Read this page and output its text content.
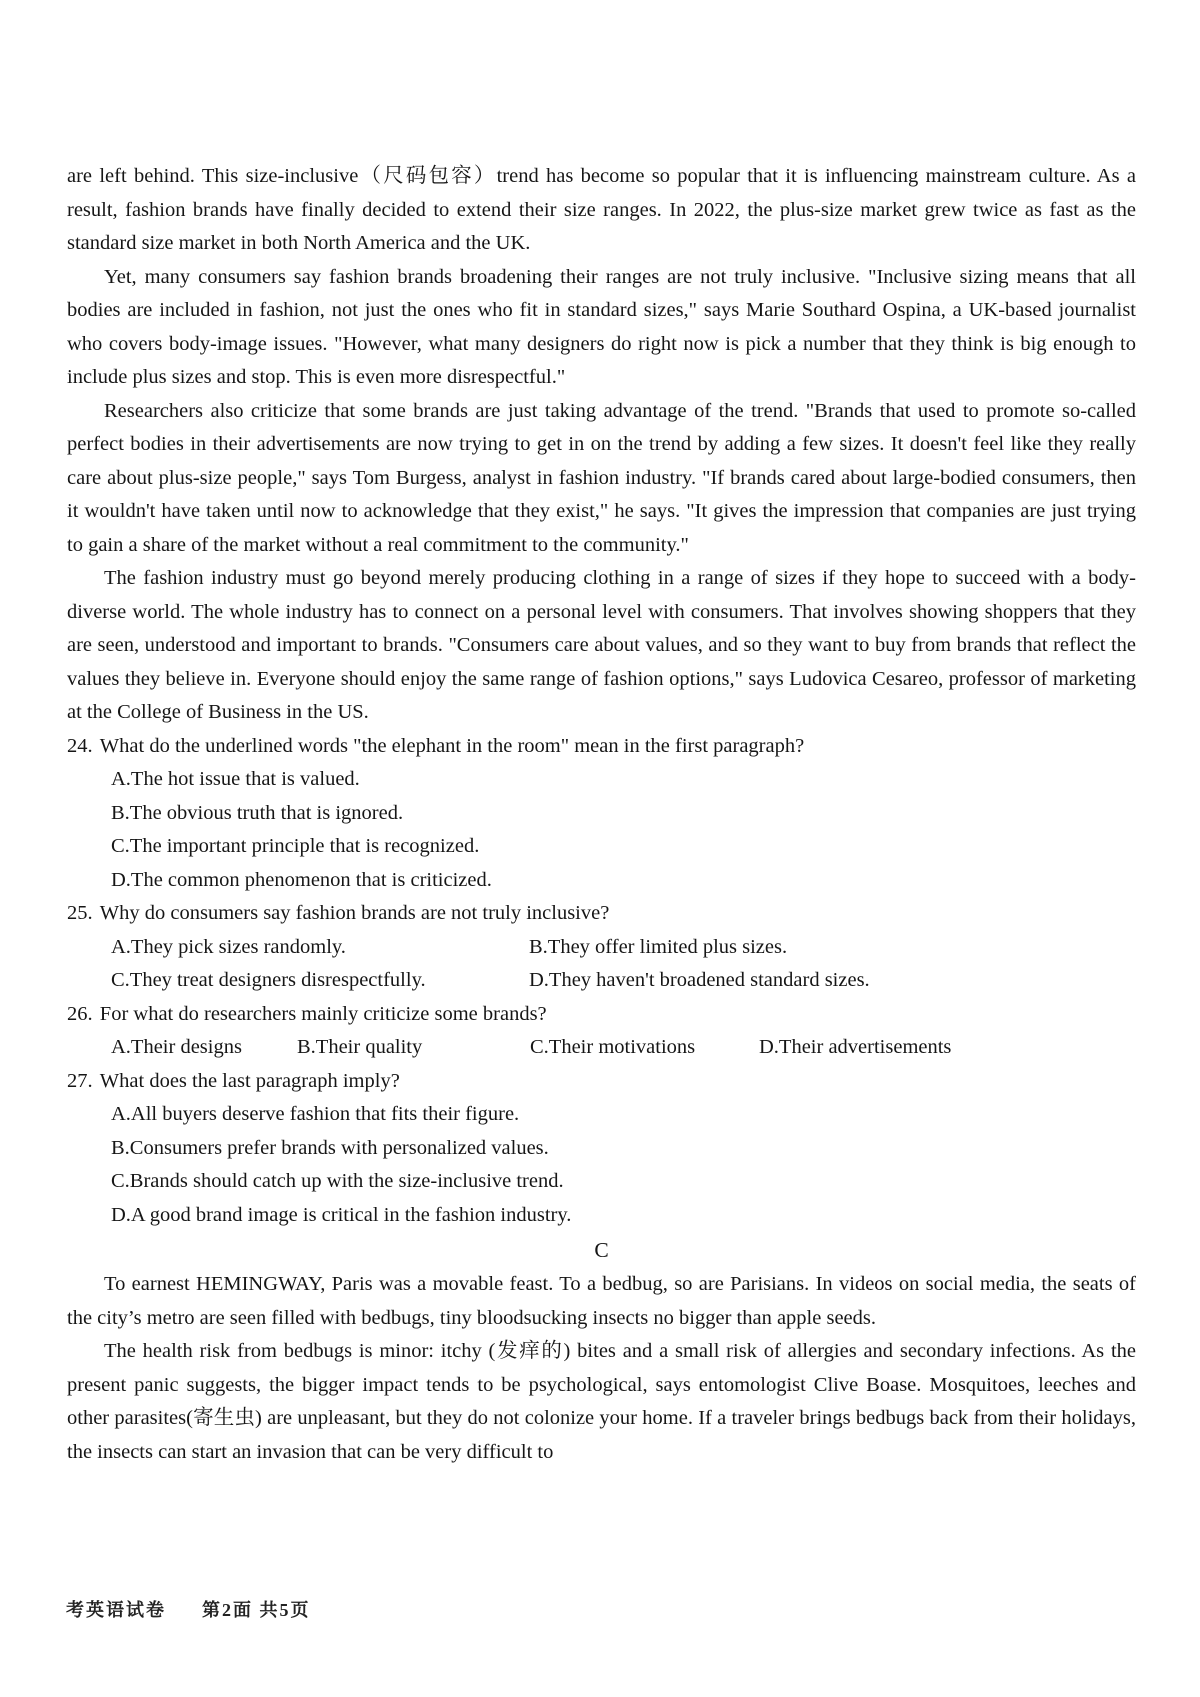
are left behind. This size-inclusive（尺码包容）trend has become so popular that it is influencing mainstream culture. As a result, fashion brands have finally decided to extend their size ranges. In 2022, the plus-size market grew twice as fast as the standard size market in both North America and the UK.

Yet, many consumers say fashion brands broadening their ranges are not truly inclusive. "Inclusive sizing means that all bodies are included in fashion, not just the ones who fit in standard sizes," says Marie Southard Ospina, a UK-based journalist who covers body-image issues. "However, what many designers do right now is pick a number that they think is big enough to include plus sizes and stop. This is even more disrespectful."

Researchers also criticize that some brands are just taking advantage of the trend. "Brands that used to promote so-called perfect bodies in their advertisements are now trying to get in on the trend by adding a few sizes. It doesn't feel like they really care about plus-size people," says Tom Burgess, analyst in fashion industry. "If brands cared about large-bodied consumers, then it wouldn't have taken until now to acknowledge that they exist," he says. "It gives the impression that companies are just trying to gain a share of the market without a real commitment to the community."

The fashion industry must go beyond merely producing clothing in a range of sizes if they hope to succeed with a body-diverse world. The whole industry has to connect on a personal level with consumers. That involves showing shoppers that they are seen, understood and important to brands. "Consumers care about values, and so they want to buy from brands that reflect the values they believe in. Everyone should enjoy the same range of fashion options," says Ludovica Cesareo, professor of marketing at the College of Business in the US.

24. What do the underlined words "the elephant in the room" mean in the first paragraph?
A.The hot issue that is valued.
B.The obvious truth that is ignored.
C.The important principle that is recognized.
D.The common phenomenon that is criticized.
25. Why do consumers say fashion brands are not truly inclusive?
A.They pick sizes randomly.	B.They offer limited plus sizes.
C.They treat designers disrespectfully.	D.They haven't broadened standard sizes.
26. For what do researchers mainly criticize some brands?
A.Their designs	B.Their quality	C.Their motivations	D.Their advertisements
27. What does the last paragraph imply?
A.All buyers deserve fashion that fits their figure.
B.Consumers prefer brands with personalized values.
C.Brands should catch up with the size-inclusive trend.
D.A good brand image is critical in the fashion industry.
C

To earnest HEMINGWAY, Paris was a movable feast. To a bedbug, so are Parisians. In videos on social media, the seats of the city’s metro are seen filled with bedbugs, tiny bloodsucking insects no bigger than apple seeds.

The health risk from bedbugs is minor: itchy (发痒的) bites and a small risk of allergies and secondary infections. As the present panic suggests, the bigger impact tends to be psychological, says entomologist Clive Boase. Mosquitoes, leeches and other parasites(寄生虫) are unpleasant, but they do not colonize your home. If a traveler brings bedbugs back from their holidays, the insects can start an invasion that can be very difficult to

考英语试卷 第2面 共5页
